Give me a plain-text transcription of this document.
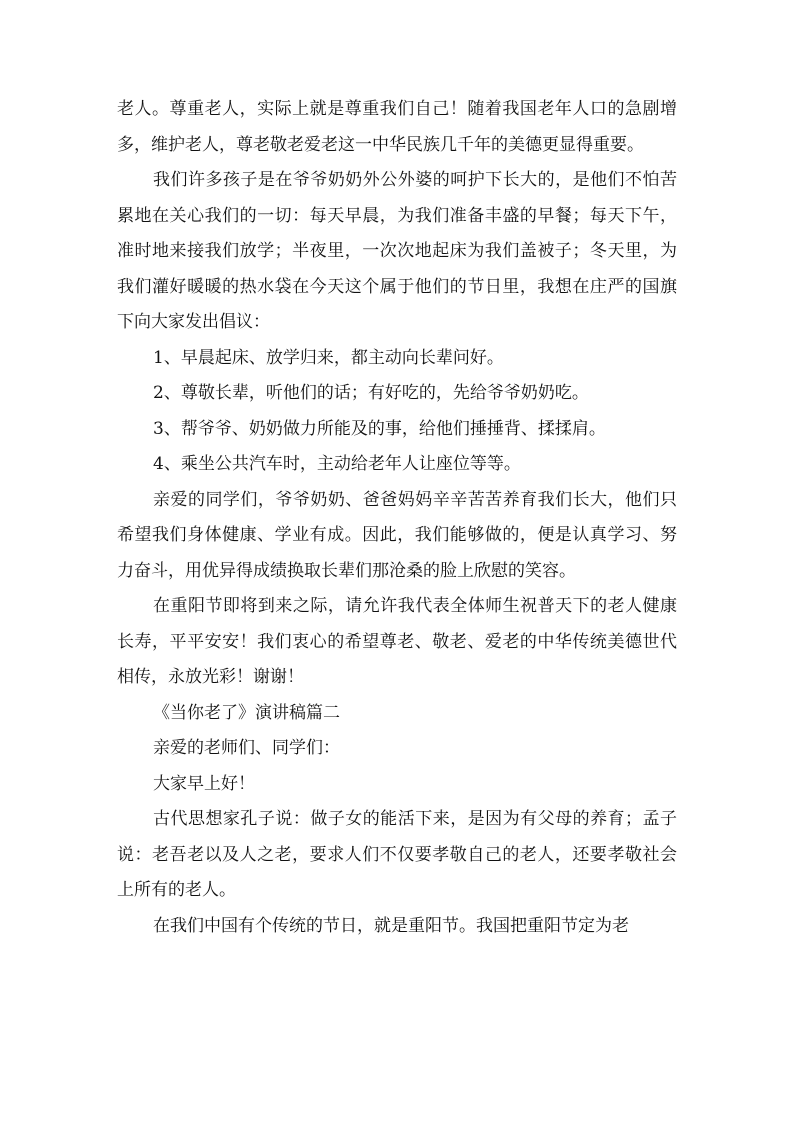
老人。尊重老人，实际上就是尊重我们自己！随着我国老年人口的急剧增多，维护老人，尊老敬老爱老这一中华民族几千年的美德更显得重要。

我们许多孩子是在爷爷奶奶外公外婆的呵护下长大的，是他们不怕苦累地在关心我们的一切：每天早晨，为我们准备丰盛的早餐；每天下午，准时地来接我们放学；半夜里，一次次地起床为我们盖被子；冬天里，为我们灌好暖暖的热水袋在今天这个属于他们的节日里，我想在庄严的国旗下向大家发出倡议：

1、早晨起床、放学归来，都主动向长辈问好。

2、尊敬长辈，听他们的话；有好吃的，先给爷爷奶奶吃。

3、帮爷爷、奶奶做力所能及的事，给他们捶捶背、揉揉肩。

4、乘坐公共汽车时，主动给老年人让座位等等。

亲爱的同学们，爷爷奶奶、爸爸妈妈辛辛苦苦养育我们长大，他们只希望我们身体健康、学业有成。因此，我们能够做的，便是认真学习、努力奋斗，用优异得成绩换取长辈们那沧桑的脸上欣慰的笑容。

在重阳节即将到来之际，请允许我代表全体师生祝普天下的老人健康长寿，平平安安！我们衷心的希望尊老、敬老、爱老的中华传统美德世代相传，永放光彩！谢谢！

《当你老了》演讲稿篇二

亲爱的老师们、同学们：

大家早上好！

古代思想家孔子说：做子女的能活下来，是因为有父母的养育；孟子说：老吾老以及人之老，要求人们不仅要孝敬自己的老人，还要孝敬社会上所有的老人。

在我们中国有个传统的节日，就是重阳节。我国把重阳节定为老
